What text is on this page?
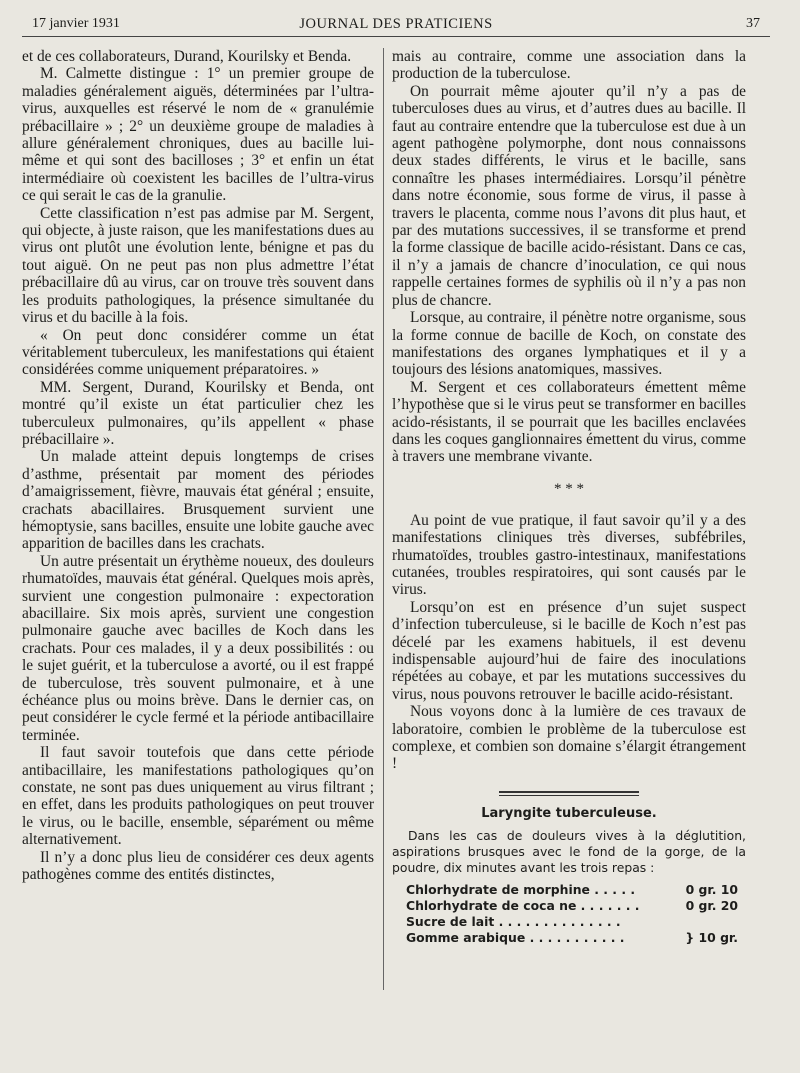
17 janvier 1931	JOURNAL DES PRATICIENS	37

et de ces collaborateurs, Durand, Kourilsky et Benda.

M. Calmette distingue : 1° un premier groupe de maladies généralement aiguës, déterminées par l’ultra-virus, auxquelles est réservé le nom de « granulémie prébacillaire » ; 2° un deuxième groupe de maladies à allure généralement chroniques, dues au bacille lui-même et qui sont des bacilloses ; 3° et enfin un état intermédiaire où coexistent les bacilles de l’ultra-virus ce qui serait le cas de la granulie.

Cette classification n’est pas admise par M. Sergent, qui objecte, à juste raison, que les manifestations dues au virus ont plutôt une évolution lente, bénigne et pas du tout aiguë. On ne peut pas non plus admettre l’état prébacillaire dû au virus, car on trouve très souvent dans les produits pathologiques, la présence simultanée du virus et du bacille à la fois.

« On peut donc considérer comme un état véritablement tuberculeux, les manifestations qui étaient considérées comme uniquement préparatoires. »

MM. Sergent, Durand, Kourilsky et Benda, ont montré qu’il existe un état particulier chez les tuberculeux pulmonaires, qu’ils appellent « phase prébacillaire ».

Un malade atteint depuis longtemps de crises d’asthme, présentait par moment des périodes d’amaigrissement, fièvre, mauvais état général ; ensuite, crachats abacillaires. Brusquement survient une hémoptysie, sans bacilles, ensuite une lobite gauche avec apparition de bacilles dans les crachats.

Un autre présentait un érythème noueux, des douleurs rhumatoïdes, mauvais état général. Quelques mois après, survient une congestion pulmonaire : expectoration abacillaire. Six mois après, survient une congestion pulmonaire gauche avec bacilles de Koch dans les crachats. Pour ces malades, il y a deux possibilités : ou le sujet guérit, et la tuberculose a avorté, ou il est frappé de tuberculose, très souvent pulmonaire, et à une échéance plus ou moins brève. Dans le dernier cas, on peut considérer le cycle fermé et la période antibacillaire terminée.

Il faut savoir toutefois que dans cette période antibacillaire, les manifestations pathologiques qu’on constate, ne sont pas dues uniquement au virus filtrant ; en effet, dans les produits pathologiques on peut trouver le virus, ou le bacille, ensemble, séparément ou même alternativement.

Il n’y a donc plus lieu de considérer ces deux agents pathogènes comme des entités distinctes,

mais au contraire, comme une association dans la production de la tuberculose.

On pourrait même ajouter qu’il n’y a pas de tuberculoses dues au virus, et d’autres dues au bacille. Il faut au contraire entendre que la tuberculose est due à un agent pathogène polymorphe, dont nous connaissons deux stades différents, le virus et le bacille, sans connaître les phases intermédiaires. Lorsqu’il pénètre dans notre économie, sous forme de virus, il passe à travers le placenta, comme nous l’avons dit plus haut, et par des mutations successives, il se transforme et prend la forme classique de bacille acido-résistant. Dans ce cas, il n’y a jamais de chancre d’inoculation, ce qui nous rappelle certaines formes de syphilis où il n’y a pas non plus de chancre.

Lorsque, au contraire, il pénètre notre organisme, sous la forme connue de bacille de Koch, on constate des manifestations des organes lymphatiques et il y a toujours des lésions anatomiques, massives.

M. Sergent et ces collaborateurs émettent même l’hypothèse que si le virus peut se transformer en bacilles acido-résistants, il se pourrait que les bacilles enclavées dans les coques ganglionnaires émettent du virus, comme à travers une membrane vivante.

* * *

Au point de vue pratique, il faut savoir qu’il y a des manifestations cliniques très diverses, subfébriles, rhumatoïdes, troubles gastro-intestinaux, manifestations cutanées, troubles respiratoires, qui sont causés par le virus.

Lorsqu’on est en présence d’un sujet suspect d’infection tuberculeuse, si le bacille de Koch n’est pas décelé par les examens habituels, il est devenu indispensable aujourd’hui de faire des inoculations répétées au cobaye, et par les mutations successives du virus, nous pouvons retrouver le bacille acido-résistant.

Nous voyons donc à la lumière de ces travaux de laboratoire, combien le problème de la tuberculose est complexe, et combien son domaine s’élargit étrangement !

Laryngite tuberculeuse.

Dans les cas de douleurs vives à la déglutition, aspirations brusques avec le fond de la gorge, de la poudre, dix minutes avant les trois repas :

Chlorhydrate de morphine . . . . .	0 gr. 10
Chlorhydrate de coca ne . . . . . . .	0 gr. 20
Sucre de lait . . . . . . . . . . . . . .
Gomme arabique . . . . . . . . . . .	} 10 gr.
